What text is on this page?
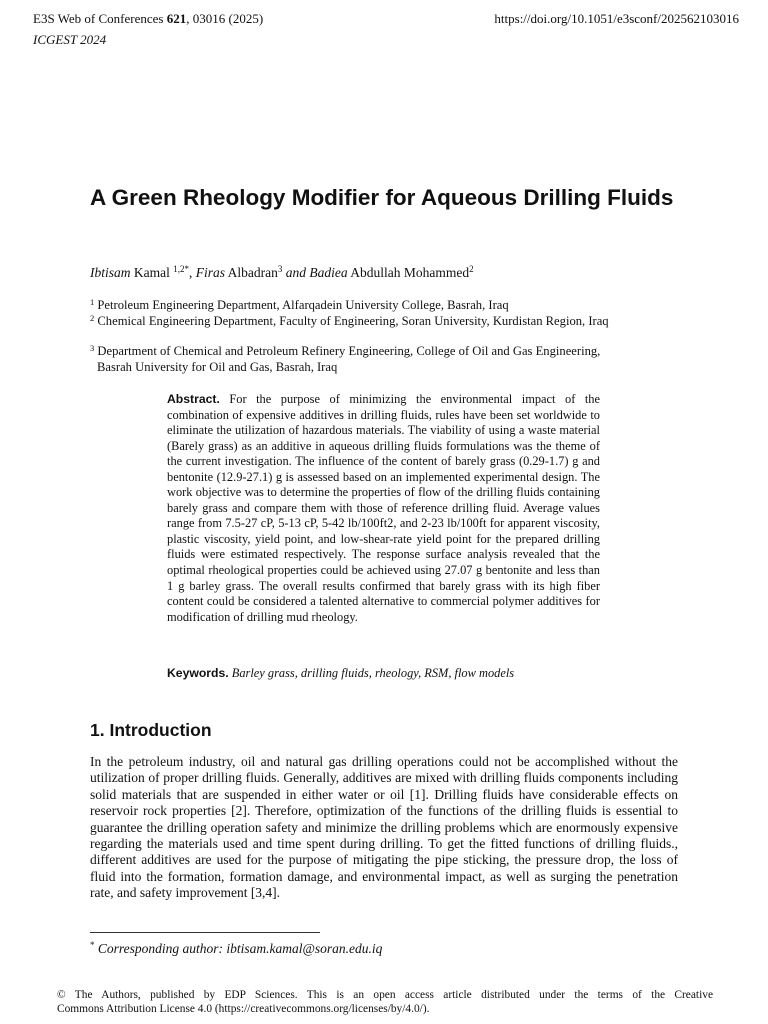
E3S Web of Conferences 621, 03016 (2025)
ICGEST 2024
https://doi.org/10.1051/e3sconf/202562103016
A Green Rheology Modifier for Aqueous Drilling Fluids
Ibtisam Kamal $^{1,2*}$, Firas Albadran$^3$ and Badiea Abdullah Mohammed$^2$
$^1$ Petroleum Engineering Department, Alfarqadein University College, Basrah, Iraq
$^2$ Chemical Engineering Department, Faculty of Engineering, Soran University, Kurdistan Region, Iraq
$^3$ Department of Chemical and Petroleum Refinery Engineering, College of Oil and Gas Engineering,
Basrah University for Oil and Gas, Basrah, Iraq
Abstract. For the purpose of minimizing the environmental impact of the combination of expensive additives in drilling fluids, rules have been set worldwide to eliminate the utilization of hazardous materials. The viability of using a waste material (Barely grass) as an additive in aqueous drilling fluids formulations was the theme of the current investigation. The influence of the content of barely grass (0.29-1.7) g and bentonite (12.9-27.1) g is assessed based on an implemented experimental design. The work objective was to determine the properties of flow of the drilling fluids containing barely grass and compare them with those of reference drilling fluid. Average values range from 7.5-27 cP, 5-13 cP, 5-42 lb/100ft2, and 2-23 lb/100ft for apparent viscosity, plastic viscosity, yield point, and low-shear-rate yield point for the prepared drilling fluids were estimated respectively. The response surface analysis revealed that the optimal rheological properties could be achieved using 27.07 g bentonite and less than 1 g barley grass. The overall results confirmed that barely grass with its high fiber content could be considered a talented alternative to commercial polymer additives for modification of drilling mud rheology.
Keywords. Barley grass, drilling fluids, rheology, RSM, flow models
1. Introduction
In the petroleum industry, oil and natural gas drilling operations could not be accomplished without the utilization of proper drilling fluids. Generally, additives are mixed with drilling fluids components including solid materials that are suspended in either water or oil [1]. Drilling fluids have considerable effects on reservoir rock properties [2]. Therefore, optimization of the functions of the drilling fluids is essential to guarantee the drilling operation safety and minimize the drilling problems which are enormously expensive regarding the materials used and time spent during drilling. To get the fitted functions of drilling fluids., different additives are used for the purpose of mitigating the pipe sticking, the pressure drop, the loss of fluid into the formation, formation damage, and environmental impact, as well as surging the penetration rate, and safety improvement [3,4].
* Corresponding author: ibtisam.kamal@soran.edu.iq
© The Authors, published by EDP Sciences. This is an open access article distributed under the terms of the Creative
Commons Attribution License 4.0 (https://creativecommons.org/licenses/by/4.0/).
